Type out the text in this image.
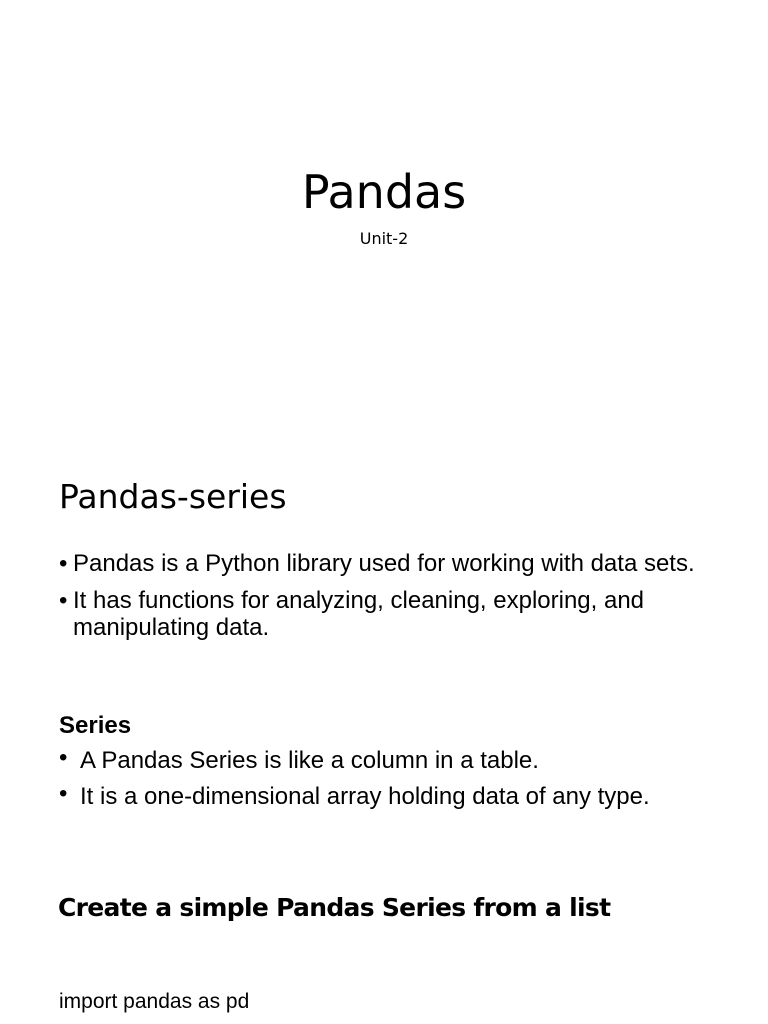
Pandas
Unit-2
Pandas-series
• Pandas is a Python library used for working with data sets.
• It has functions for analyzing, cleaning, exploring, and manipulating data.
Series
• A Pandas Series is like a column in a table.
• It is a one-dimensional array holding data of any type.
Create a simple Pandas Series from a list
import pandas as pd
